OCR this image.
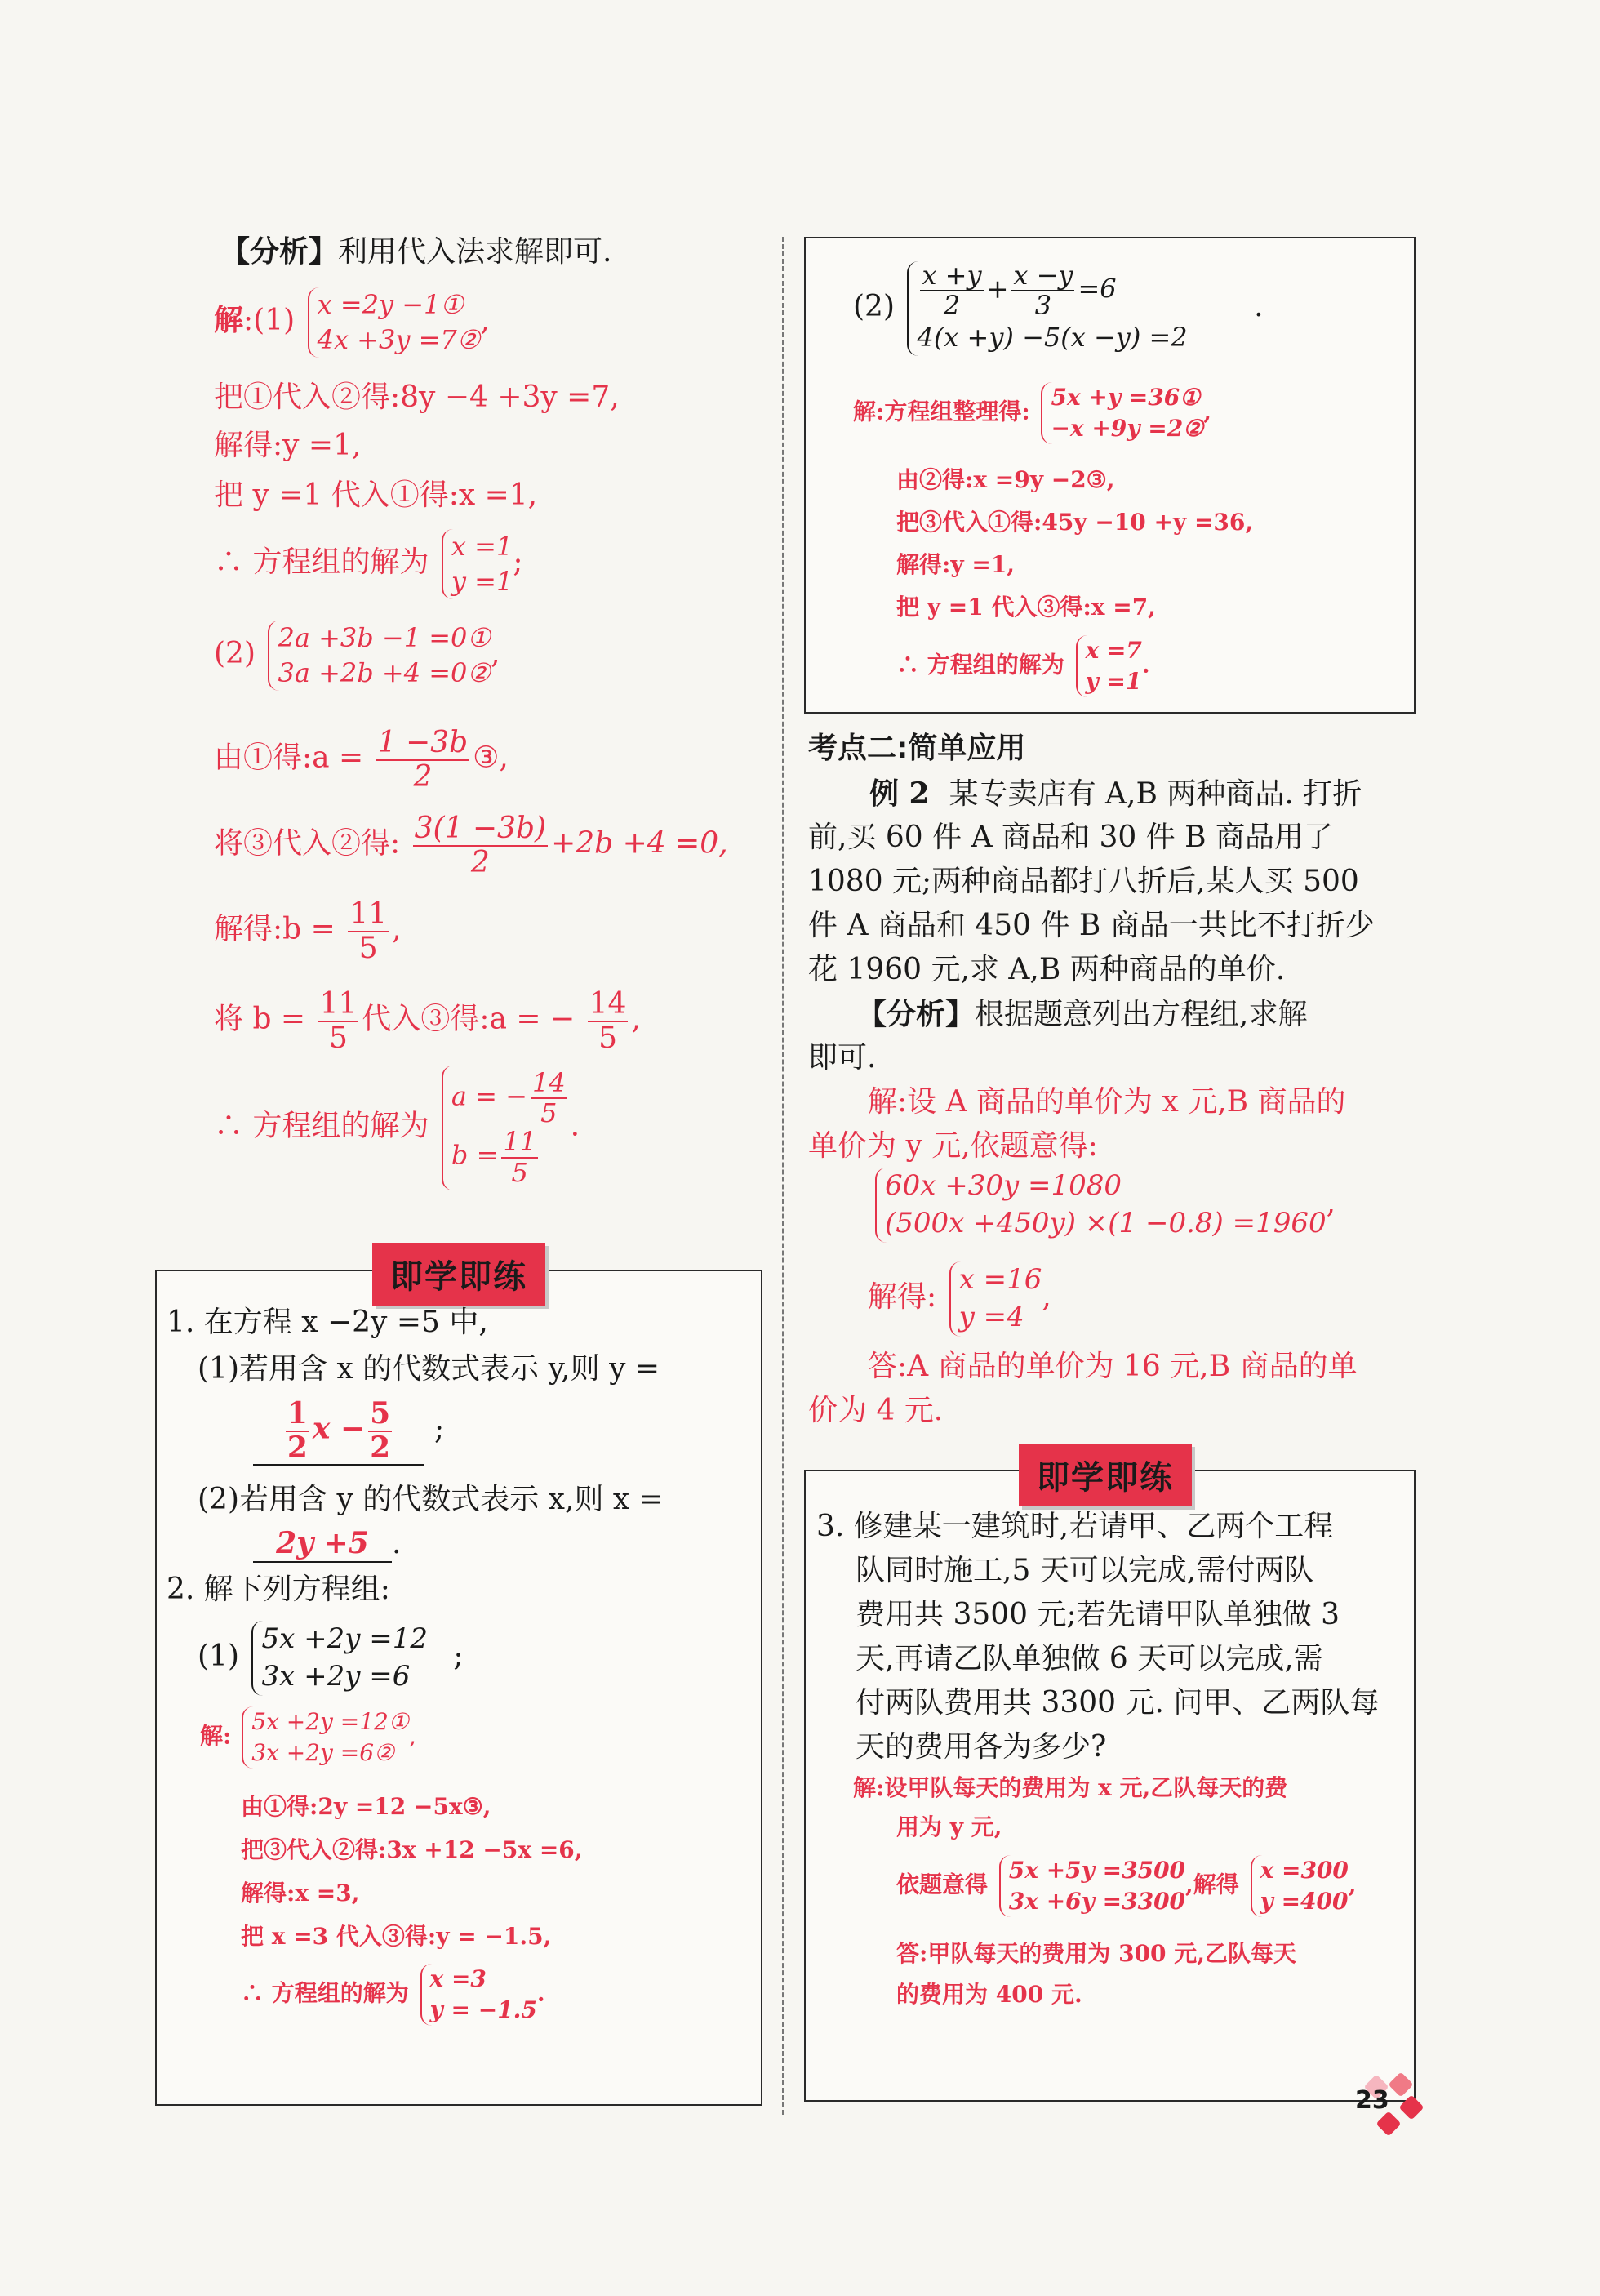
【分析】利用代入法求解即可.
解:(1) x =2y −1①
4x +3y =7②
,
把①代入②得:8y −4 +3y =7,
解得:y =1,
把 y =1 代入①得:x =1,
∴ 方程组的解为 x =1
y =1
;
(2) 2a +3b −1 =0①
3a +2b +4 =0②
,
由①得:a = $\frac{1 -3b}{2}$ ③,
将③代入②得: $\frac{3(1 -3b)}{2} +2b +4 =0$,
解得:b = $\frac{11}{5}$ ,
将 $b = \frac{11}{5}$ 代入③得:a = − $\frac{14}{5}$ ,
∴ 方程组的解为
a = − $\frac{14}{5}$
$b = \frac{11}{5}$
.
即学即练
1. 在方程 x −2y =5 中,
(1)若用含 x 的代数式表示 y,则 y =
$\frac{1}{2}$ $x - \frac{5}{2}$ ;
(2)若用含 y 的代数式表示 x,则 x =
2y +5 .
2. 解下列方程组:
(1)
5x +2y =12
3x +2y =6
;
解:
5x +2y =12①
3x +2y =6②
,
由①得:2y =12 −5x③,
把③代入②得:3x +12 −5x =6,
解得:x =3,
把 x =3 代入③得:y = −1.5,
∴ 方程组的解为
x =3
y = −1.5
.
$(2) \frac{x +y}{2} + \frac{x -y}{3} =6$
4(x +y) −5(x −y) =2
.
解:方程组整理得:
5x +y =36①
−x +9y =2②
,
由②得:x =9y −2③,
把③代入①得:45y −10 +y =36,
解得:y =1,
把 y =1 代入③得:x =7,
∴ 方程组的解为
x =7
y =1
.
考点二:简单应用
例 2 某专卖店有 A,B 两种商品. 打折
前,买 60 件 A 商品和 30 件 B 商品用了
1080 元;两种商品都打八折后,某人买 500
件 A 商品和 450 件 B 商品一共比不打折少
花 1960 元,求 A,B 两种商品的单价.
【分析】根据题意列出方程组,求解
即可.
解:设 A 商品的单价为 x 元,B 商品的
单价为 y 元,依题意得:
60x +30y =1080
(500x +450y) ×(1 −0.8) =1960
,
解得:
x =16
y =4
,
答:A 商品的单价为 16 元,B 商品的单
价为 4 元.
即学即练
3. 修建某一建筑时,若请甲、乙两个工程
队同时施工,5 天可以完成,需付两队
费用共 3500 元;若先请甲队单独做 3
天,再请乙队单独做 6 天可以完成,需
付两队费用共 3300 元. 问甲、乙两队每
天的费用各为多少?
解:设甲队每天的费用为 x 元,乙队每天的费
用为 y 元,
依题意得
5x +5y =3500
3x +6y =3300
,解得
x =300
y =400
,
答:甲队每天的费用为 300 元,乙队每天
的费用为 400 元.
23
